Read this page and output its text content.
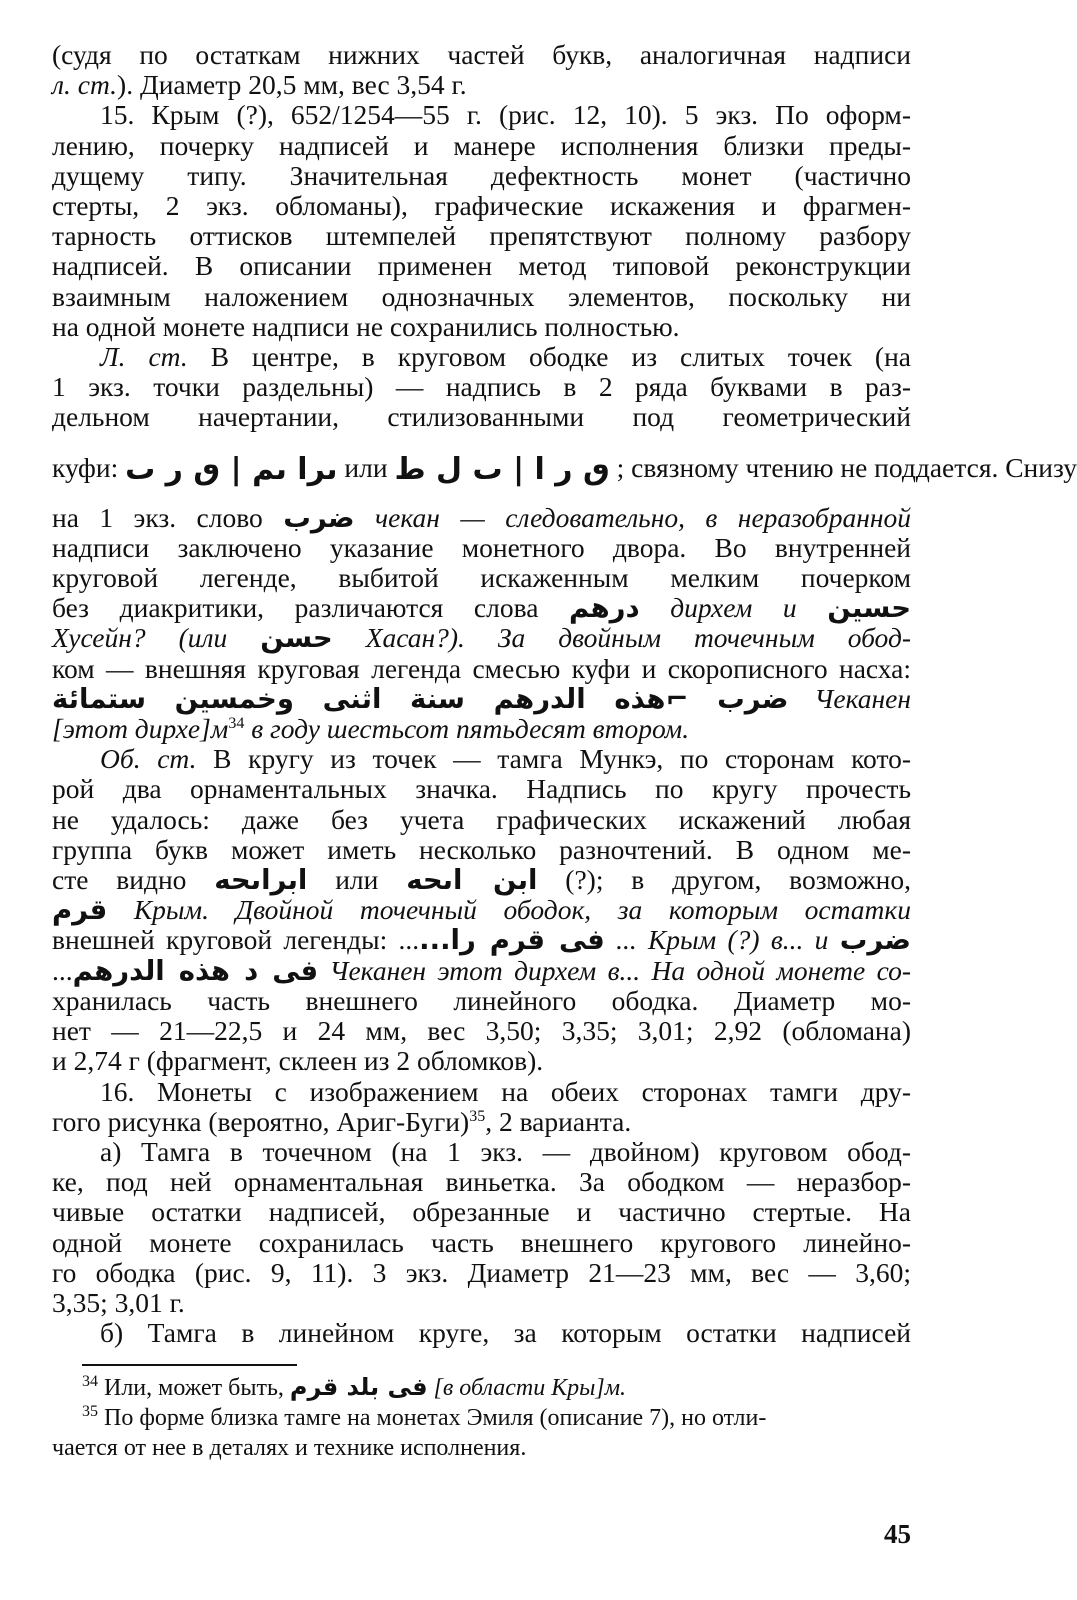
(судя по остаткам нижних частей букв, аналогичная надписи
л. ст.). Диаметр 20,5 мм, вес 3,54 г.
15. Крым (?), 652/1254—55 г. (рис. 12, 10). 5 экз. По оформ-
лению, почерку надписей и манере исполнения близки преды-
дущему типу. Значительная дефектность монет (частично
стерты, 2 экз. обломаны), графические искажения и фрагмен-
тарность оттисков штемпелей препятствуют полному разбору
надписей. В описании применен метод типовой реконструкции
взаимным наложением однозначных элементов, поскольку ни
на одной монете надписи не сохранились полностью.
Л. ст. В центре, в круговом ободке из слитых точек (на
1 экз. точки раздельны) — надпись в 2 ряда буквами в раз-
дельном начертании, стилизованными под геометрический
куфи: ٮرا ىم | ٯ ر ٮ или ٯ ر ا | ٮ ل ط ; связному чтению не поддается. Снизу
на 1 экз. слово ضرب чекан — следовательно, в неразобранной
надписи заключено указание монетного двора. Во внутренней
круговой легенде, выбитой искаженным мелким почерком
без диакритики, различаются слова درهم дирхем и حسين
Хусейн? (или حسن Хасан?). За двойным точечным обод-
ком — внешняя круговая легенда смесью куфи и скорописного насха:
ضرب ⌐هذه الدرهم سنة اثنى وخمسين ستمائة Чеканен
[этот $дирхе]м^{34}$ в году шестьсот пятьдесят втором.
Об. ст. В кругу из точек — тамга Мункэ, по сторонам кото-
рой два орнаментальных значка. Надпись по кругу прочесть
не удалось: даже без учета графических искажений любая
группа букв может иметь несколько разночтений. В одном ме-
сте видно ابراىحه или ابن اىحه (?); в другом, возможно,
قرم Крым. Двойной точечный ободок, за которым остатки
внешней круговой легенды: ...فى قرم را... ... Крым (?) в... и ضرب
...فى د هذه الدرهم Чеканен этот дирхем в... На одной монете со-
хранилась часть внешнего линейного ободка. Диаметр мо-
нет — 21—22,5 и 24 мм, вес 3,50; 3,35; 3,01; 2,92 (обломана)
и 2,74 г (фрагмент, склеен из 2 обломков).
16. Монеты с изображением на обеих сторонах тамги дру-
гого рисунка (вероятно, Ариг-Буги)$^{35}$, 2 варианта.
а) Тамга в точечном (на 1 экз. — двойном) круговом обод-
ке, под ней орнаментальная виньетка. За ободком — неразбор-
чивые остатки надписей, обрезанные и частично стертые. На
одной монете сохранилась часть внешнего кругового линейно-
го ободка (рис. 9, 11). 3 экз. Диаметр 21—23 мм, вес — 3,60;
3,35; 3,01 г.
б) Тамга в линейном круге, за которым остатки надписей
$^{34}$ Или, может быть, فى بلد قرم [в области Кры]м.
$^{35}$ По форме близка тамге на монетах Эмиля (описание 7), но отли-
чается от нее в деталях и технике исполнения.
45
